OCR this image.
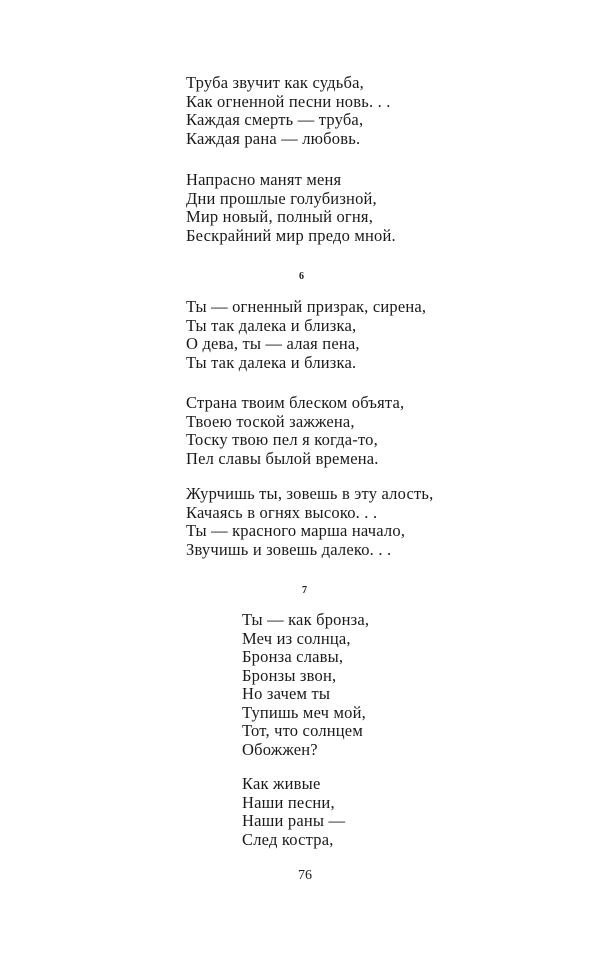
Труба звучит как судьба,
Как огненной песни новь. . .
Каждая смерть — труба,
Каждая рана — любовь.
Напрасно манят меня
Дни прошлые голубизной,
Мир новый, полный огня,
Бескрайний мир предо мной.
6
Ты — огненный призрак, сирена,
Ты так далека и близка,
О дева, ты — алая пена,
Ты так далека и близка.
Страна твоим блеском объята,
Твоею тоской зажжена,
Тоску твою пел я когда-то,
Пел славы былой времена.
Журчишь ты, зовешь в эту алость,
Качаясь в огнях высоко. . .
Ты — красного марша начало,
Звучишь и зовешь далеко. . .
7
Ты — как бронза,
Меч из солнца,
Бронза славы,
Бронзы звон,
Но зачем ты
Тупишь меч мой,
Тот, что солнцем
Обожжен?
Как живые
Наши песни,
Наши раны —
След костра,
76
